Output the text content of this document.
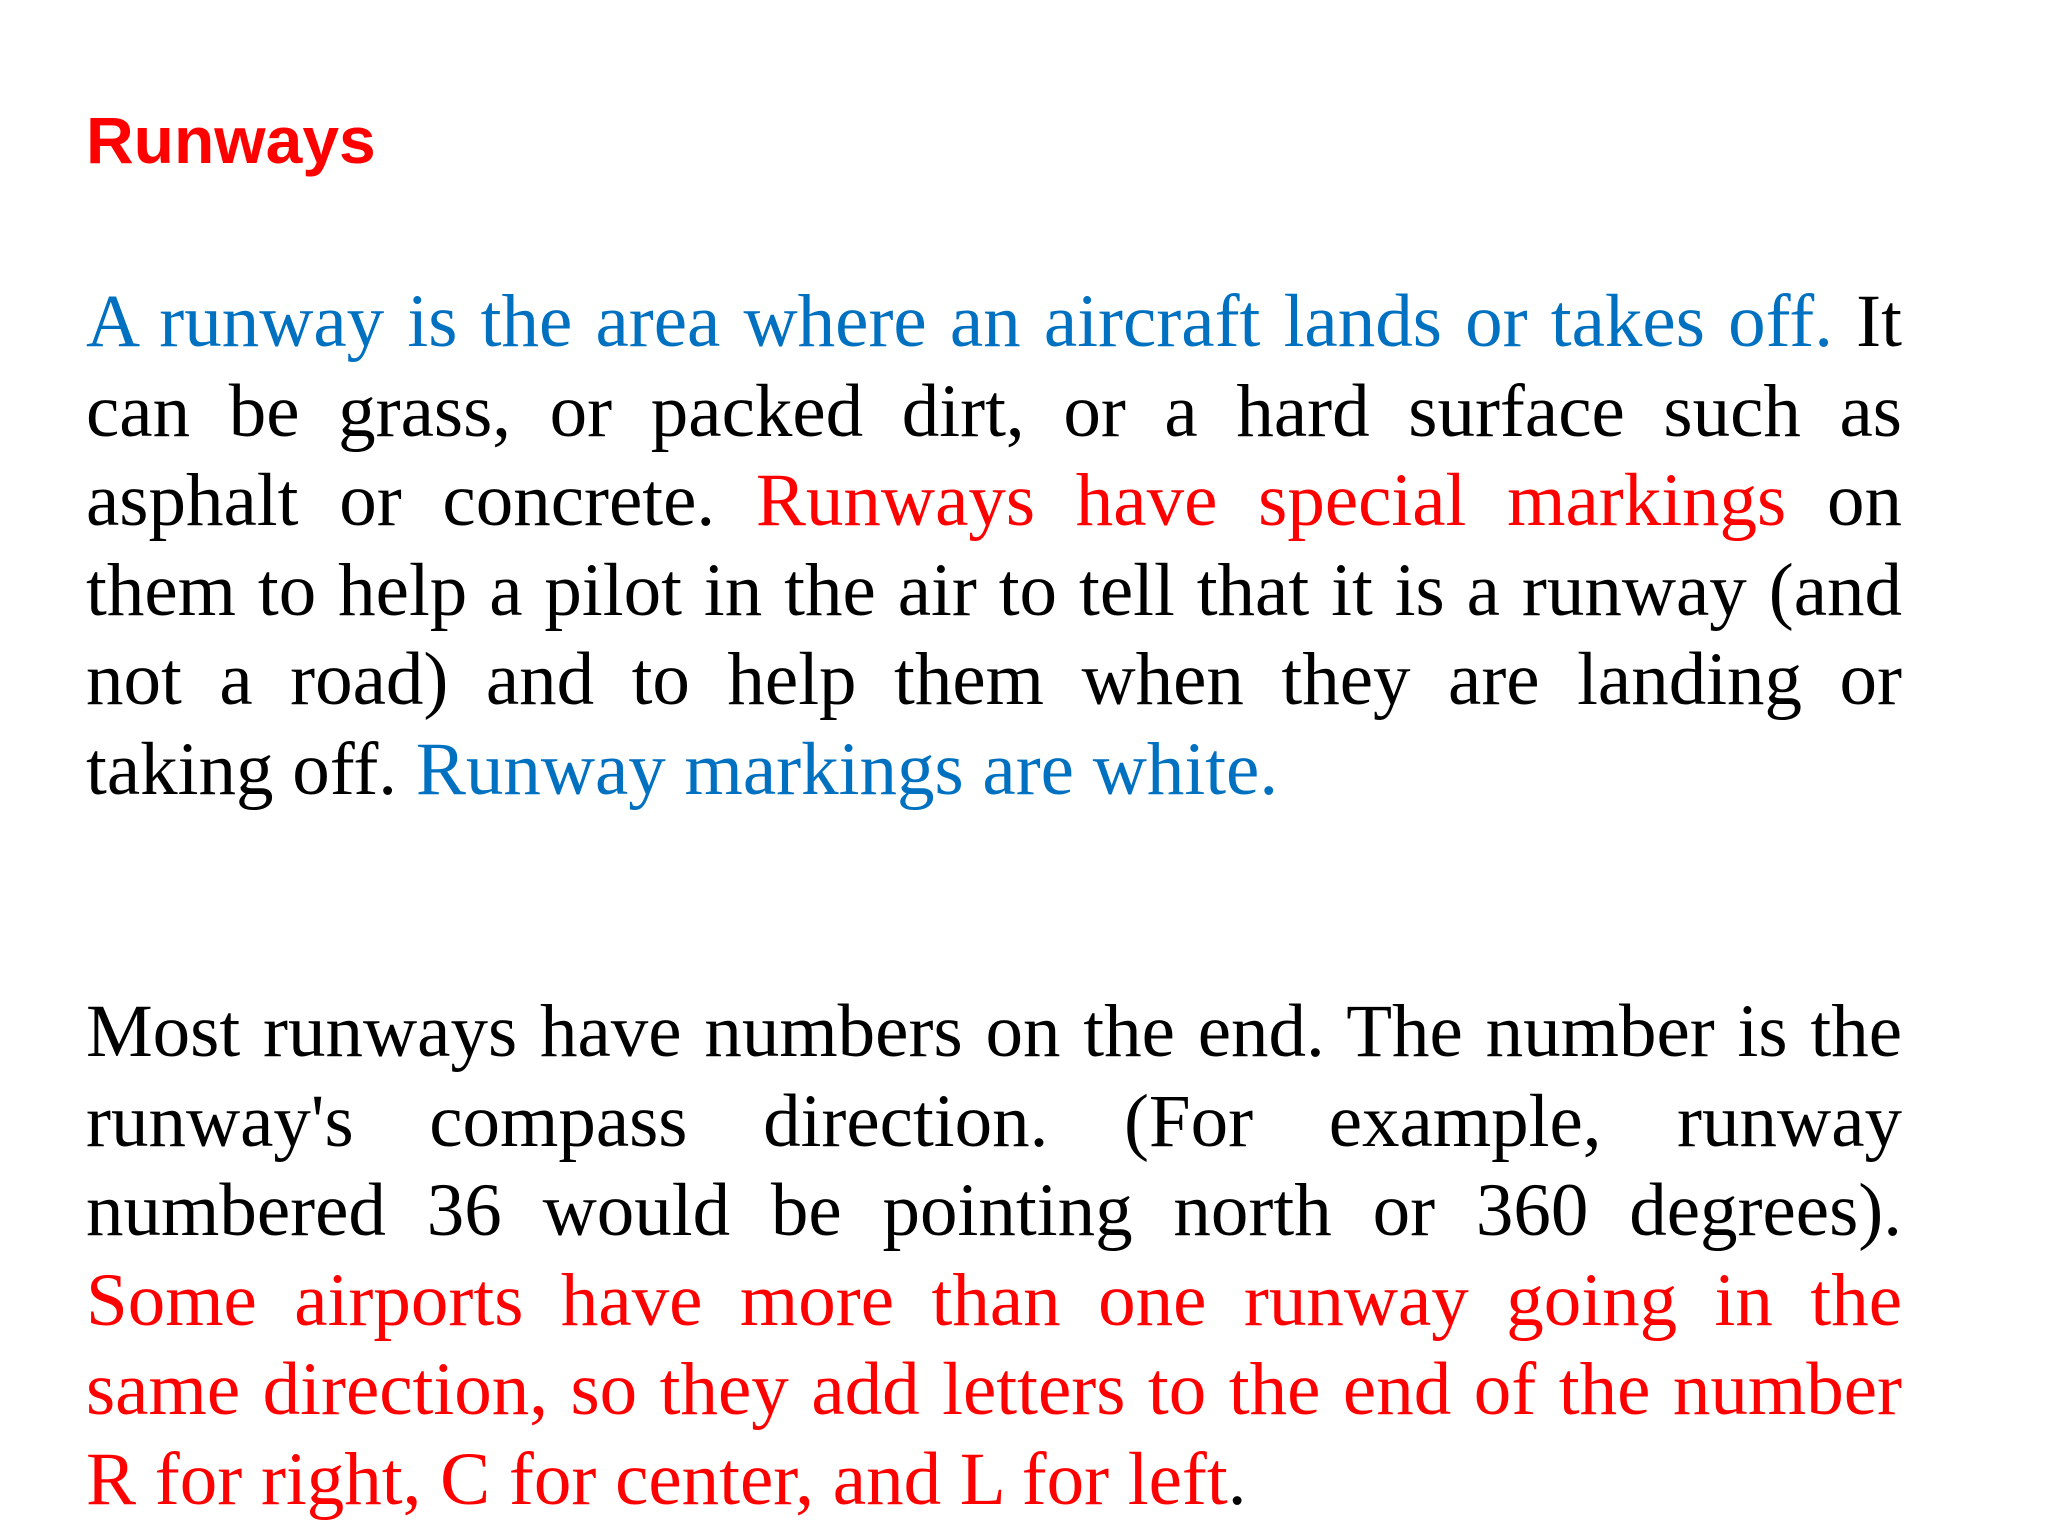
Runways

A runway is the area where an aircraft lands or takes off. It can be grass, or packed dirt, or a hard surface such as asphalt or concrete. Runways have special markings on them to help a pilot in the air to tell that it is a runway (and not a road) and to help them when they are landing or taking off. Runway markings are white.

Most runways have numbers on the end. The number is the runway's compass direction. (For example, runway numbered 36 would be pointing north or 360 degrees). Some airports have more than one runway going in the same direction, so they add letters to the end of the number R for right, C for center, and L for left.
